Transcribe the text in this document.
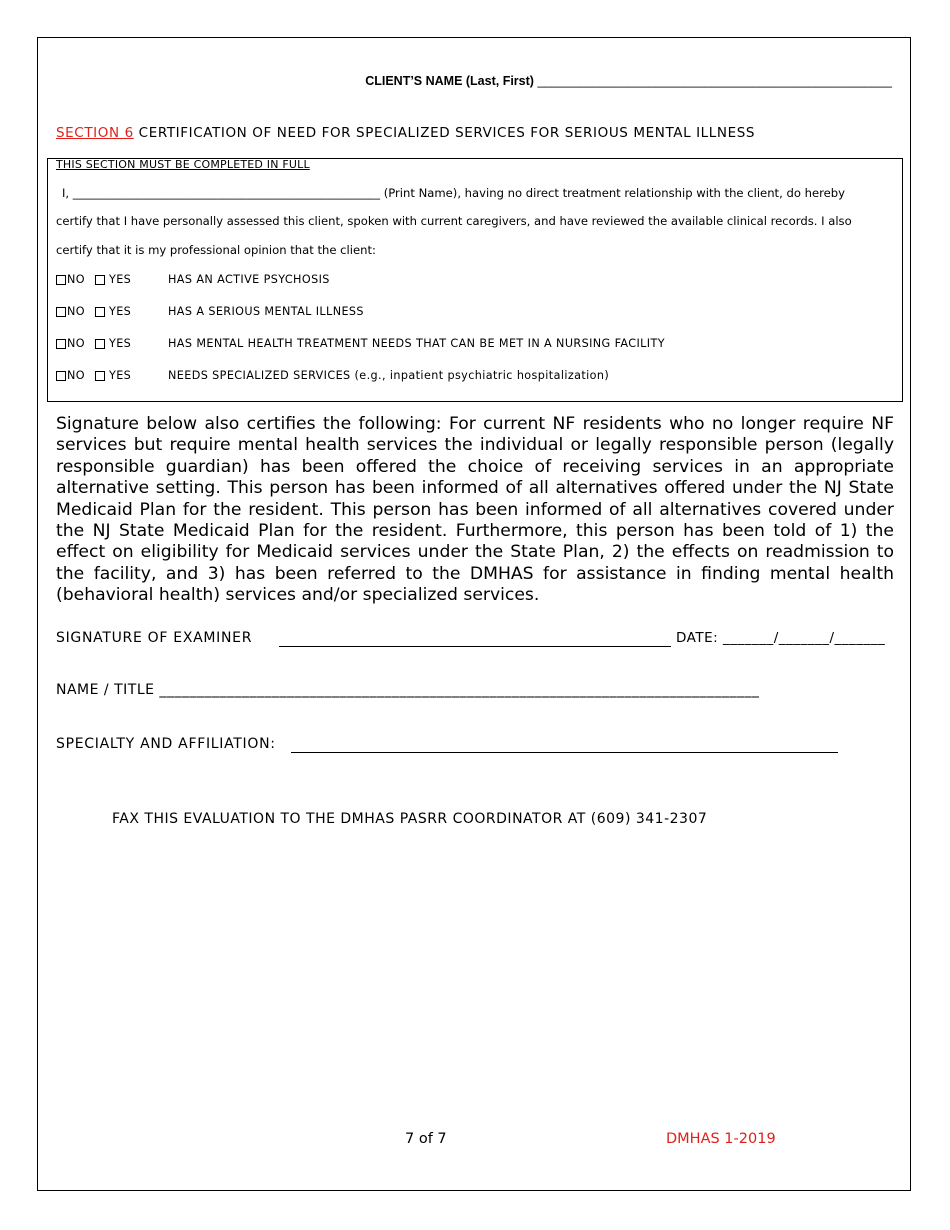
CLIENT’S NAME (Last, First) ___________________________________________________
SECTION 6 CERTIFICATION OF NEED FOR SPECIALIZED SERVICES FOR SERIOUS MENTAL ILLNESS
THIS SECTION MUST BE COMPLETED IN FULL
I, _____________________________________________________ (Print Name), having no direct treatment relationship with the client, do hereby
certify that I have personally assessed this client, spoken with current caregivers, and have reviewed the available clinical records. I also
certify that it is my professional opinion that the client:
NO YES	HAS AN ACTIVE PSYCHOSIS
NO YES	HAS A SERIOUS MENTAL ILLNESS
NO YES	HAS MENTAL HEALTH TREATMENT NEEDS THAT CAN BE MET IN A NURSING FACILITY
NO YES	NEEDS SPECIALIZED SERVICES (e.g., inpatient psychiatric hospitalization)
Signature below also certifies the following: For current NF residents who no longer require NF services but require mental health services the individual or legally responsible person (legally responsible guardian) has been offered the choice of receiving services in an appropriate alternative setting. This person has been informed of all alternatives offered under the NJ State Medicaid Plan for the resident. This person has been informed of all alternatives covered under the NJ State Medicaid Plan for the resident. Furthermore, this person has been told of 1) the effect on eligibility for Medicaid services under the State Plan, 2) the effects on readmission to the facility, and 3) has been referred to the DMHAS for assistance in finding mental health (behavioral health) services and/or specialized services.
SIGNATURE OF EXAMINER	DATE: _______/_______/_______
NAME / TITLE ________________________________________________________________________________
SPECIALTY AND AFFILIATION:
FAX THIS EVALUATION TO THE DMHAS PASRR COORDINATOR AT (609) 341-2307
7 of 7	DMHAS 1-2019
